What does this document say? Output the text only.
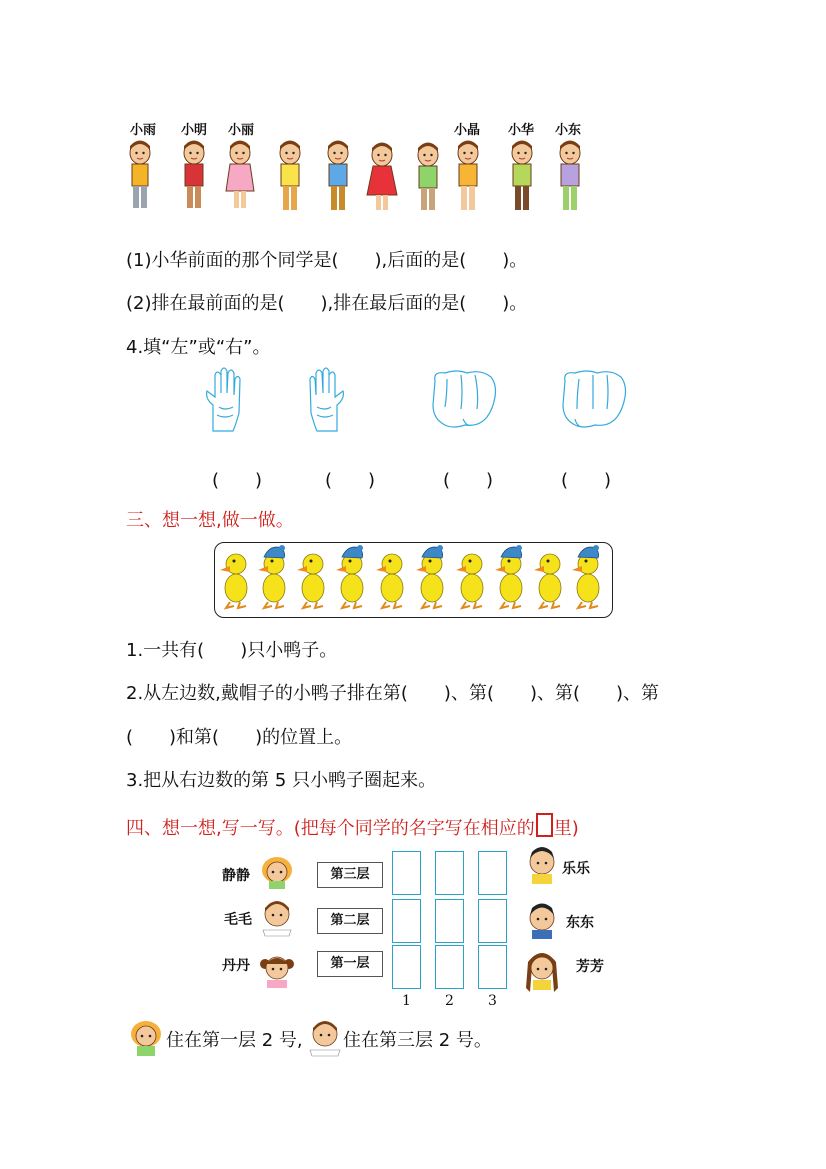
小雨 小明 小丽	小晶 小华 小东
(1)小华前面的那个同学是(　　),后面的是(　　)。
(2)排在最前面的是(　　),排在最后面的是(　　)。
4.填“左”或“右”。
(　　)	(　　)	(　　)	(　　)
三、想一想,做一做。
1.一共有(　　)只小鸭子。
2.从左边数,戴帽子的小鸭子排在第(　　)、第(　　)、第(　　)、第
(　　)和第(　　)的位置上。
3.把从右边数的第 5 只小鸭子圈起来。
四、想一想,写一写。(把每个同学的名字写在相应的 里)
静静
毛毛
丹丹
第三层
第二层
第一层
1 2 3
乐乐
东东
芳芳
住在第一层 2 号, 住在第三层 2 号。
